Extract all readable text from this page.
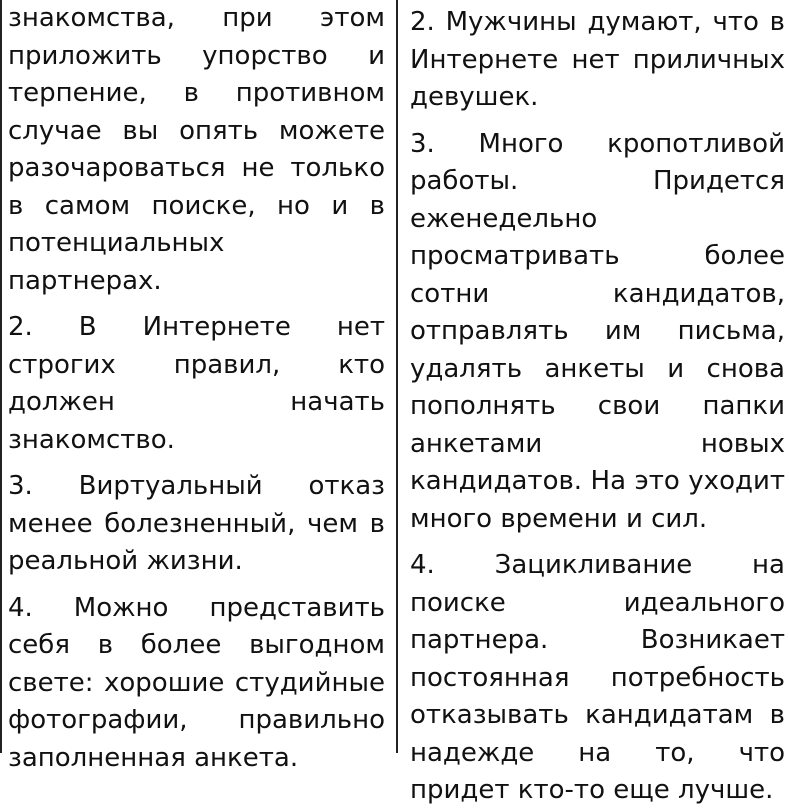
знакомства, при этом приложить упорство и терпение, в противном случае вы опять можете разочароваться не только в самом поиске, но и в потенциальных партнерах.

2. В Интернете нет строгих правил, кто должен начать знакомство.

3. Виртуальный отказ менее болезненный, чем в реальной жизни.

4. Можно представить себя в более выгодном свете: хорошие студийные фотографии, правильно заполненная анкета.

2. Мужчины думают, что в Интернете нет приличных девушек.

3. Много кропотливой работы. Придется еженедельно просматривать более сотни кандидатов, отправлять им письма, удалять анкеты и снова пополнять свои папки анкетами новых кандидатов. На это уходит много времени и сил.

4. Зацикливание на поиске идеального партнера. Возникает постоянная потребность отказывать кандидатам в надежде на то, что придет кто-то еще лучше.
